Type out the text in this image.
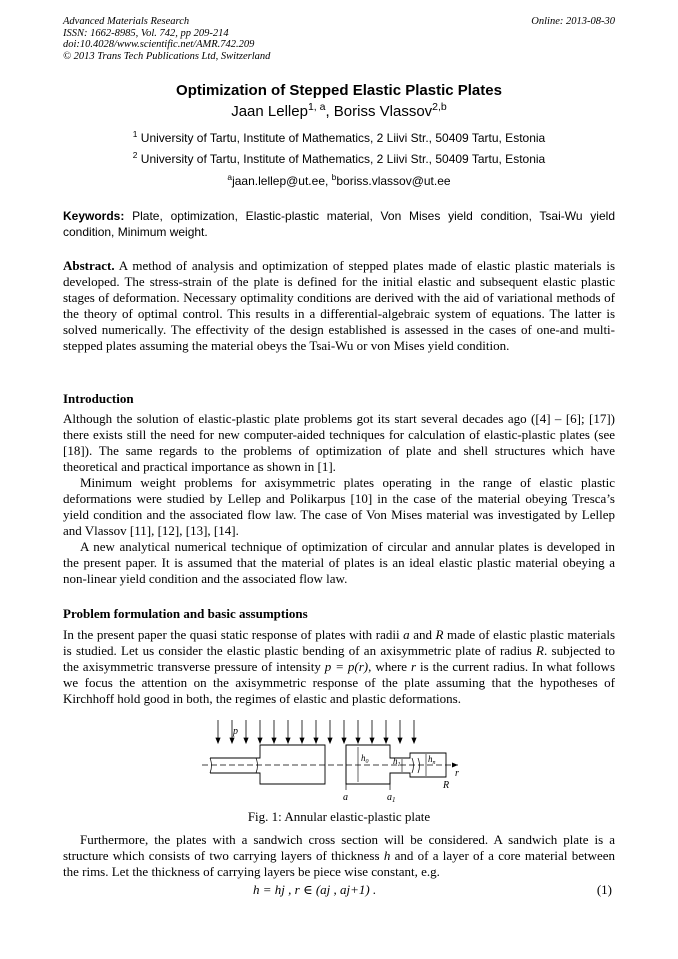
Advanced Materials Research
ISSN: 1662-8985, Vol. 742, pp 209-214
doi:10.4028/www.scientific.net/AMR.742.209
© 2013 Trans Tech Publications Ltd, Switzerland
Online: 2013-08-30
Optimization of Stepped Elastic Plastic Plates
Jaan Lellep$^{1, a}$, Boriss Vlassov$^{2,b}$
$^1$ University of Tartu, Institute of Mathematics, 2 Liivi Str., 50409 Tartu, Estonia
$^2$ University of Tartu, Institute of Mathematics, 2 Liivi Str., 50409 Tartu, Estonia
$^a$jaan.lellep@ut.ee, $^b$boriss.vlassov@ut.ee
Keywords: Plate, optimization, Elastic-plastic material, Von Mises yield condition, Tsai-Wu yield condition, Minimum weight.
Abstract. A method of analysis and optimization of stepped plates made of elastic plastic materials is developed. The stress-strain of the plate is defined for the initial elastic and subsequent elastic plastic stages of deformation. Necessary optimality conditions are derived with the aid of variational methods of the theory of optimal control. This results in a differential-algebraic system of equations. The latter is solved numerically. The effectivity of the design established is assessed in the cases of one-and multi-stepped plates assuming the material obeys the Tsai-Wu or von Mises yield condition.
Introduction
Although the solution of elastic-plastic plate problems got its start several decades ago ([4] – [6]; [17]) there exists still the need for new computer-aided techniques for calculation of elastic-plastic plates (see [18]). The same regards to the problems of optimization of plate and shell structures which have theoretical and practical importance as shown in [1].
Minimum weight problems for axisymmetric plates operating in the range of elastic plastic deformations were studied by Lellep and Polikarpus [10] in the case of the material obeying Tresca’s yield condition and the associated flow law. The case of Von Mises material was investigated by Lellep and Vlassov [11], [12], [13], [14].
A new analytical numerical technique of optimization of circular and annular plates is developed in the present paper. It is assumed that the material of plates is an ideal elastic plastic material obeying a non-linear yield condition and the associated flow law.
Problem formulation and basic assumptions
In the present paper the quasi static response of plates with radii a and R made of elastic plastic materials is studied. Let us consider the elastic plastic bending of an axisymmetric plate of radius R. subjected to the axisymmetric transverse pressure of intensity p = p(r), where r is the current radius. In what follows we focus the attention on the axisymmetric response of the plate assuming that the hypotheses of Kirchhoff hold good in both, the regimes of elastic and plastic deformations.
p
r
R
a	$a_1$
$h_0$	$h_1$
$h_n$
Fig. 1: Annular elastic-plastic plate
Furthermore, the plates with a sandwich cross section will be considered. A sandwich plate is a structure which consists of two carrying layers of thickness h and of a layer of a core material between the rims. Let the thickness of carrying layers be piece wise constant, e.g.
h = hj , r ∈ (aj , aj+1) .	(1)
